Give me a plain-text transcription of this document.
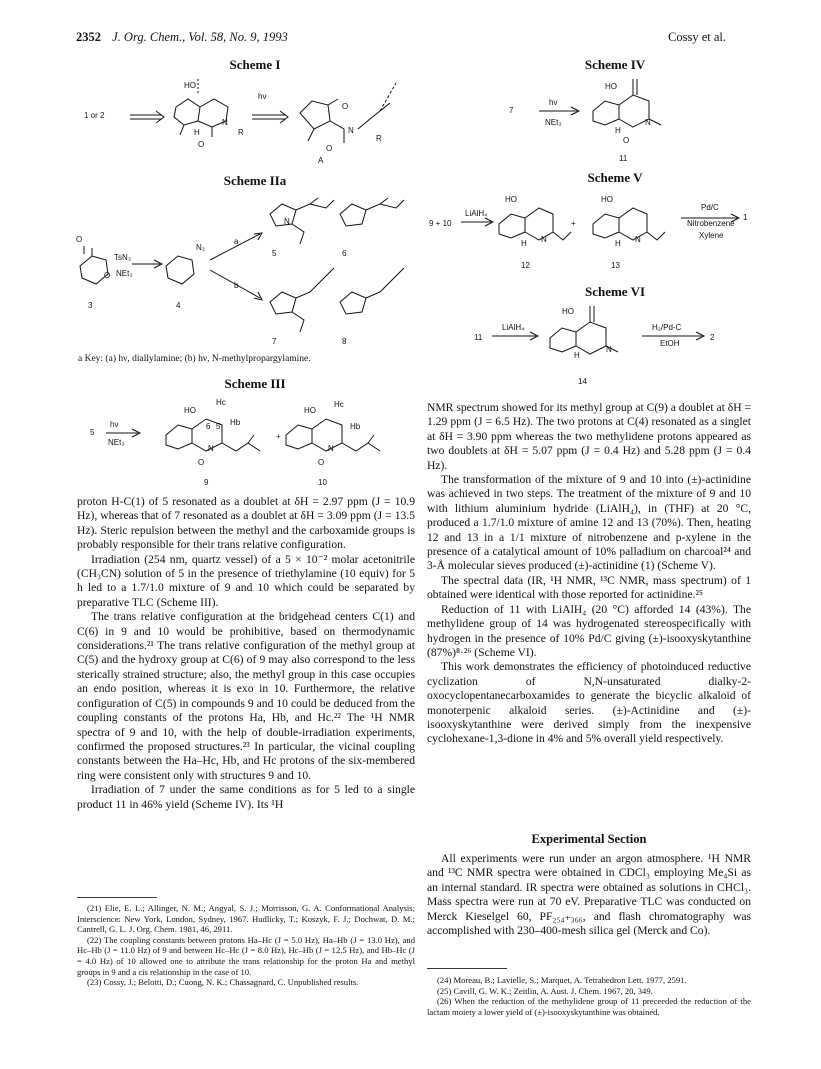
2352 J. Org. Chem., Vol. 58, No. 9, 1993	Cossy et al.
Scheme I
1 or 2
HO
H
N
O
R
hν
O
N
R
O
A
Scheme IIa
O
O
TsN₃
NEt₃
N₂
3	4
a
b
N
5	6
7	8
a Key: (a) hν, diallylamine; (b) hν, N-methylpropargylamine.
Scheme III
5
hν
NEt₃
HO
Hc
Hb
6 5
N
O
9
HO
Hc
Hb
N
O
10
+
Scheme IV
7
hν
NEt₃
HO
H
N
O
11
Scheme V
9 + 10
LiAlH₄
HO
H N
12
+
HO
H N
13
Pd/C
Nitrobenzene
Xylene
1
Scheme VI
11
LiAlH₄
HO
H
N
14
H₂/Pd-C
EtOH
2

proton H-C(1) of 5 resonated as a doublet at δH = 2.97 ppm (J = 10.9 Hz), whereas that of 7 resonated as a doublet at δH = 3.09 ppm (J = 13.5 Hz). Steric repulsion between the methyl and the carboxamide groups is probably responsible for their trans relative configuration.

Irradiation (254 nm, quartz vessel) of a 5 × 10⁻² molar acetonitrile (CH₃CN) solution of 5 in the presence of triethylamine (10 equiv) for 5 h led to a 1.7/1.0 mixture of 9 and 10 which could be separated by preparative TLC (Scheme III).

The trans relative configuration at the bridgehead centers C(1) and C(6) in 9 and 10 would be prohibitive, based on thermodynamic considerations.²¹ The trans relative configuration of the methyl group at C(5) and the hydroxy group at C(6) of 9 may also correspond to the less sterically strained structure; also, the methyl group in this case occupies an endo position, whereas it is exo in 10. Furthermore, the relative configuration of C(5) in compounds 9 and 10 could be deduced from the coupling constants of the protons Ha, Hb, and Hc.²² The ¹H NMR spectra of 9 and 10, with the help of double-irradiation experiments, confirmed the proposed structures.²³ In particular, the vicinal coupling constants between the Ha–Hc, Hb, and Hc protons of the six-membered ring were consistent only with structures 9 and 10.

Irradiation of 7 under the same conditions as for 5 led to a single product 11 in 46% yield (Scheme IV). Its ¹H

(21) Elie, E. L.; Allinger, N. M.; Angyal, S. J.; Morrisson, G. A. Conformational Analysis; Interscience: New York, London, Sydney, 1967. Hudlicky, T.; Koszyk, F. J.; Dochwat, D. M.; Cantrell, G. L. J. Org. Chem. 1981, 46, 2911.

(22) The coupling constants between protons Ha–Hc (J = 5.0 Hz), Ha–Hb (J = 13.0 Hz), and Hc–Hb (J = 11.0 Hz) of 9 and between Hc–Hc (J = 8.0 Hz), Hc–Hb (J = 12.5 Hz), and Hb–Hc (J = 4.0 Hz) of 10 allowed one to attribute the trans relationship for the proton Ha and methyl groups in 9 and a cis relationship in the case of 10.

(23) Cossy, J.; Belotti, D.; Cuong, N. K.; Chassagnard, C. Unpublished results.

NMR spectrum showed for its methyl group at C(9) a doublet at δH = 1.29 ppm (J = 6.5 Hz). The two protons at C(4) resonated as a singlet at δH = 3.90 ppm whereas the two methylidene protons appeared as two doublets at δH = 5.07 ppm (J = 0.4 Hz) and 5.28 ppm (J = 0.4 Hz).

The transformation of the mixture of 9 and 10 into (±)-actinidine was achieved in two steps. The treatment of the mixture of 9 and 10 with lithium aluminium hydride (LiAlH₄), in (THF) at 20 °C, produced a 1.7/1.0 mixture of amine 12 and 13 (70%). Then, heating 12 and 13 in a 1/1 mixture of nitrobenzene and p-xylene in the presence of a catalytical amount of 10% palladium on charcoal²⁴ and 3-Å molecular sieves produced (±)-actinidine (1) (Scheme V).

The spectral data (IR, ¹H NMR, ¹³C NMR, mass spectrum) of 1 obtained were identical with those reported for actinidine.²⁵

Reduction of 11 with LiAlH₄ (20 °C) afforded 14 (43%). The methylidene group of 14 was hydrogenated stereospecifically with hydrogen in the presence of 10% Pd/C giving (±)-isooxyskytanthine (87%)⁸·²⁶ (Scheme VI).

This work demonstrates the efficiency of photoinduced reductive cyclization of N,N-unsaturated dialky-2-oxocyclopentanecarboxamides to generate the bicyclic alkaloid of monoterpenic alkaloid series. (±)-Actinidine and (±)-isooxyskytanthine were derived simply from the inexpensive cyclohexane-1,3-dione in 4% and 5% overall yield respectively.

Experimental Section

All experiments were run under an argon atmosphere. ¹H NMR and ¹³C NMR spectra were obtained in CDCl₃ employing Me₄Si as an internal standard. IR spectra were obtained as solutions in CHCl₃. Mass spectra were run at 70 eV. Preparative TLC was conducted on Merck Kieselgel 60, PF₂₅₄₊₃₆₆, and flash chromatography was accomplished with 230–400-mesh silica gel (Merck and Co).

(24) Moreau, B.; Lavielle, S.; Marquet, A. Tetrahedron Lett. 1977, 2591.

(25) Cavill, G. W. K.; Zeitlin, A. Aust. J. Chem. 1967, 20, 349.

(26) When the reduction of the methylidene group of 11 preceeded the reduction of the lactam moiety a lower yield of (±)-isooxyskytanthine was obtained.
